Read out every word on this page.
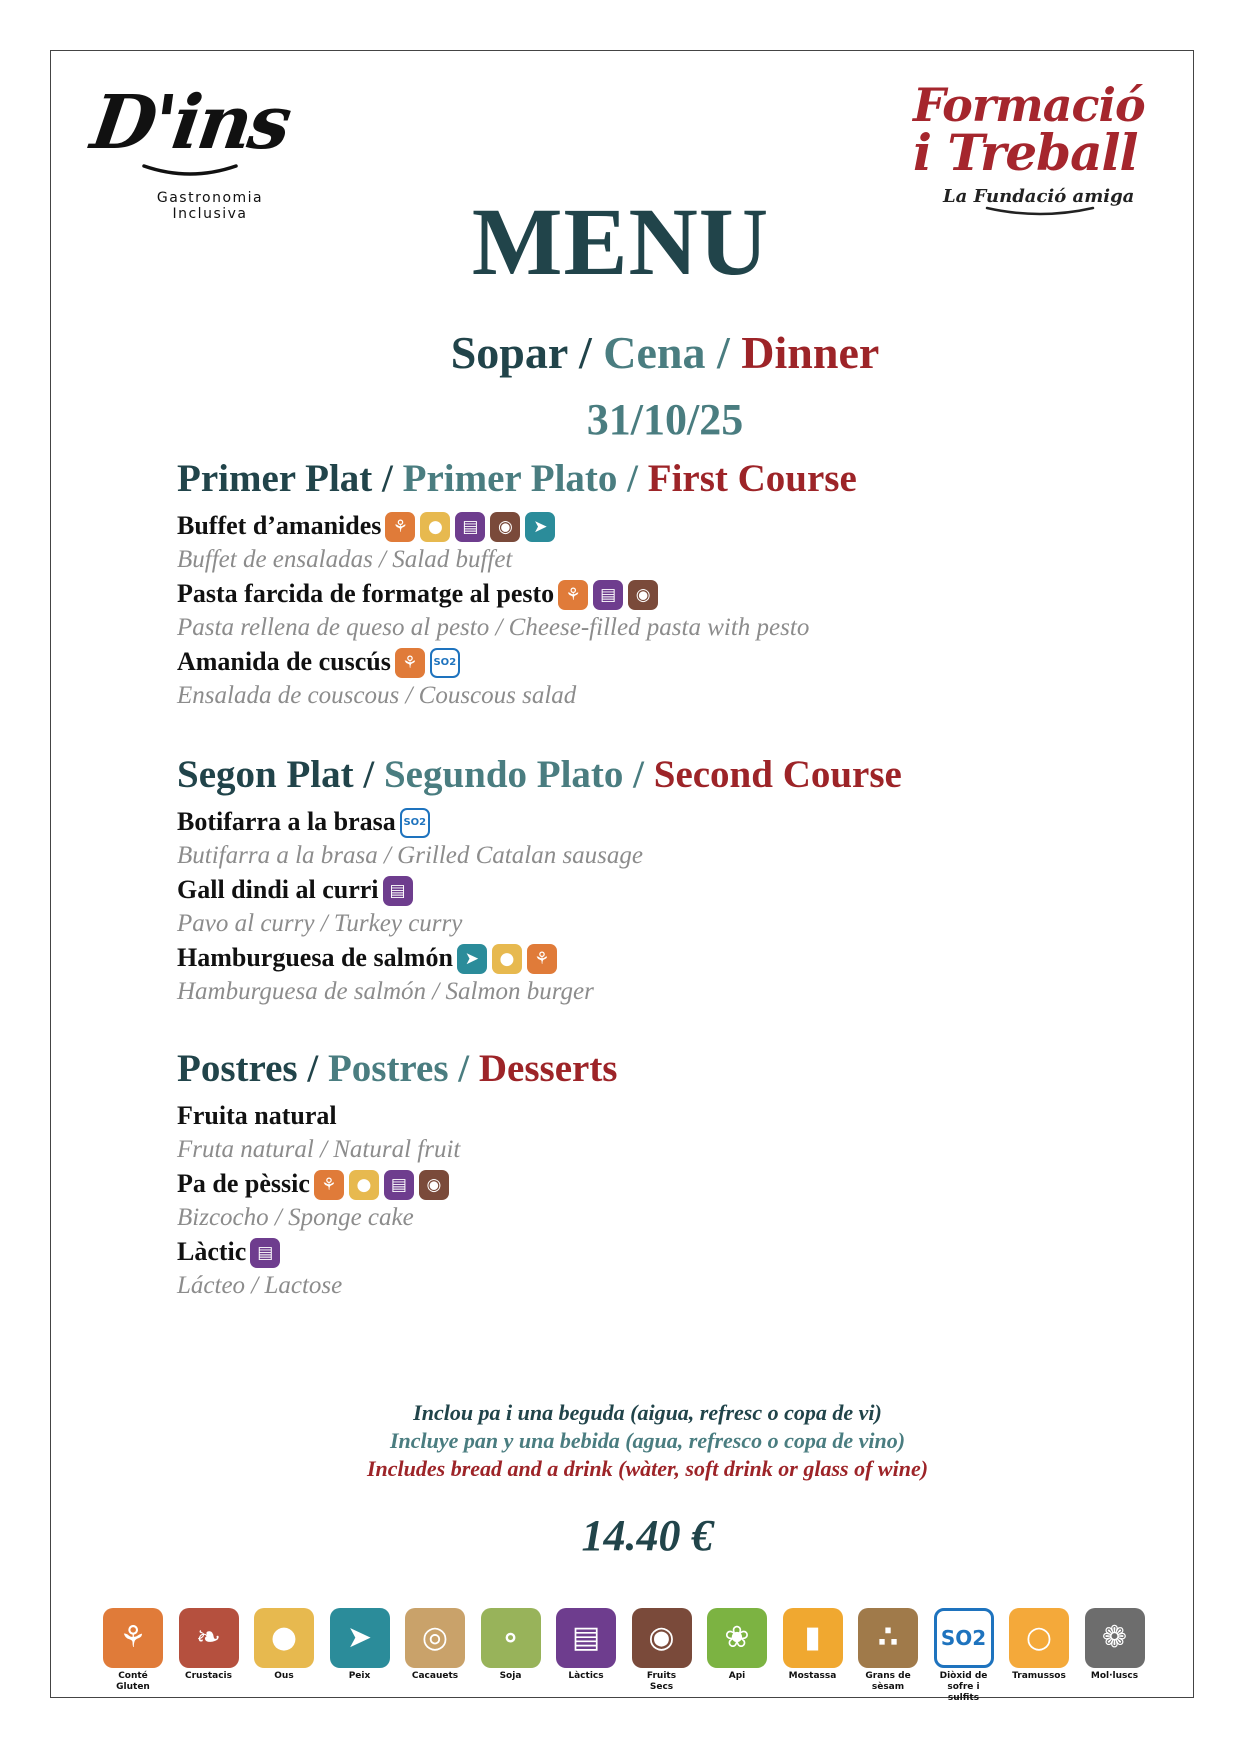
D'ins
Gastronomia
Inclusiva
Formació
i Treball
La Fundació amiga
MENU
Sopar / Cena / Dinner
31/10/25
Primer Plat / Primer Plato / First Course
Buffet d’amanides ⚘ ● ▤ ◉ ➤
Buffet de ensaladas / Salad buffet
Pasta farcida de formatge al pesto ⚘ ▤ ◉
Pasta rellena de queso al pesto / Cheese-filled pasta with pesto
Amanida de cuscús ⚘ SO2
Ensalada de couscous / Couscous salad
Segon Plat / Segundo Plato / Second Course
Botifarra a la brasa SO2
Butifarra a la brasa / Grilled Catalan sausage
Gall dindi al curri ▤
Pavo al curry / Turkey curry
Hamburguesa de salmón ➤ ● ⚘
Hamburguesa de salmón / Salmon burger
Postres / Postres / Desserts
Fruita natural
Fruta natural / Natural fruit
Pa de pèssic ⚘ ● ▤ ◉
Bizcocho / Sponge cake
Làctic ▤
Lácteo / Lactose
Inclou pa i una beguda (aigua, refresc o copa de vi)
Incluye pan y una bebida (agua, refresco o copa de vino)
Includes bread and a drink (wàter, soft drink or glass of wine)
14.40 €
⚘
Conté
Gluten
❧
Crustacis
●
Ous
➤
Peix
◎
Cacauets
∘
Soja
▤
Làctics
◉
Fruits
Secs
❀
Api
▮
Mostassa
∴
Grans de
sèsam
SO2
Diòxid de
sofre i
sulfits
○
Tramussos
❁
Mol·luscs
